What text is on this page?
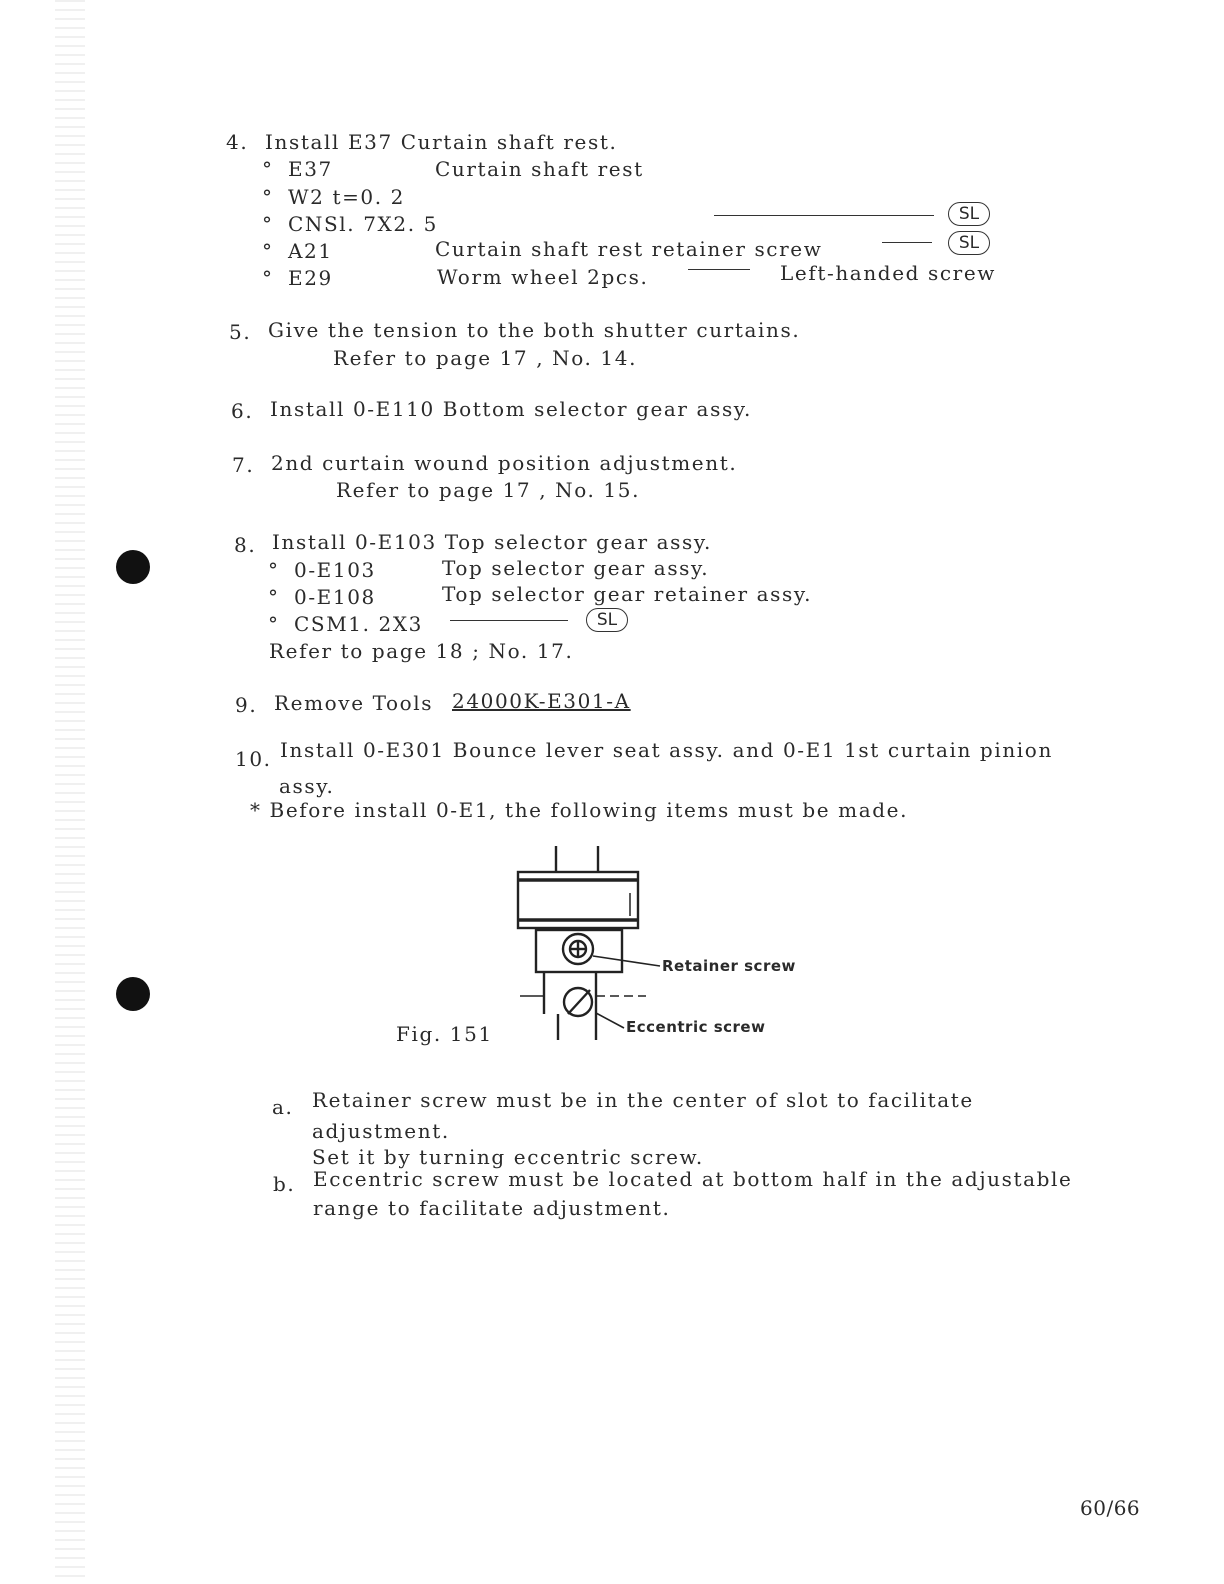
4. Install E37 Curtain shaft rest.
° E37	Curtain shaft rest
° W2 t=0. 2
° CNSl. 7X2. 5	SL
° A21	Curtain shaft rest retainer screw	SL
° E29	Worm wheel 2pcs.	Left-handed screw
5. Give the tension to the both shutter curtains.
Refer to page 17 , No. 14.
6. Install 0-E110 Bottom selector gear assy.
7. 2nd curtain wound position adjustment.
Refer to page 17 , No. 15.
8. Install 0-E103 Top selector gear assy.
° 0-E103	Top selector gear assy.
° 0-E108	Top selector gear retainer assy.
° CSM1. 2X3	SL
Refer to page 18 ; No. 17.
9. Remove Tools 24000K-E301-A
10. Install 0-E301 Bounce lever seat assy. and 0-E1 1st curtain pinion
assy.
* Before install 0-E1, the following items must be made.
Retainer screw
Eccentric screw
Fig. 151
a. Retainer screw must be in the center of slot to facilitate
adjustment.
Set it by turning eccentric screw.
b. Eccentric screw must be located at bottom half in the adjustable
range to facilitate adjustment.
60/66
